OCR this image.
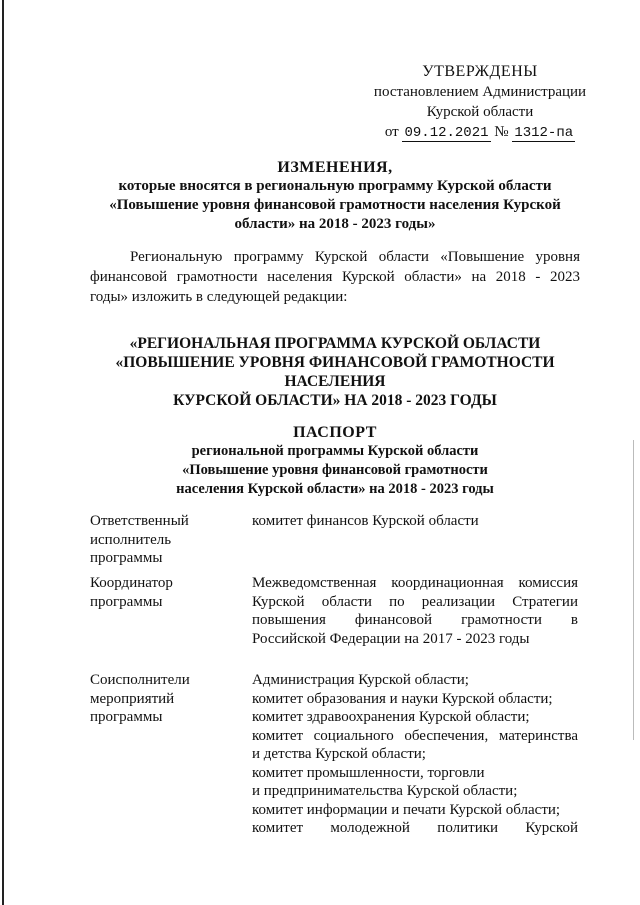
УТВЕРЖДЕНЫ
постановлением Администрации
Курской области
от 09.12.2021 № 1312-па
ИЗМЕНЕНИЯ,
которые вносятся в региональную программу Курской области
«Повышение уровня финансовой грамотности населения Курской
области» на 2018 - 2023 годы»
Региональную программу Курской области «Повышение уровня
финансовой грамотности населения Курской области» на 2018 - 2023
годы» изложить в следующей редакции:
«РЕГИОНАЛЬНАЯ ПРОГРАММА КУРСКОЙ ОБЛАСТИ
«ПОВЫШЕНИЕ УРОВНЯ ФИНАНСОВОЙ ГРАМОТНОСТИ
НАСЕЛЕНИЯ
КУРСКОЙ ОБЛАСТИ» НА 2018 - 2023 ГОДЫ
ПАСПОРТ
региональной программы Курской области
«Повышение уровня финансовой грамотности
населения Курской области» на 2018 - 2023 годы
Ответственный
исполнитель
программы
комитет финансов Курской области
Координатор
программы
Межведомственная координационная комиссия
Курской области по реализации Стратегии
повышения финансовой грамотности в
Российской Федерации на 2017 - 2023 годы
Соисполнители
мероприятий
программы
Администрация Курской области;
комитет образования и науки Курской области;
комитет здравоохранения Курской области;
комитет социального обеспечения, материнства
и детства Курской области;
комитет промышленности, торговли
и предпринимательства Курской области;
комитет информации и печати Курской области;
комитет молодежной политики Курской
